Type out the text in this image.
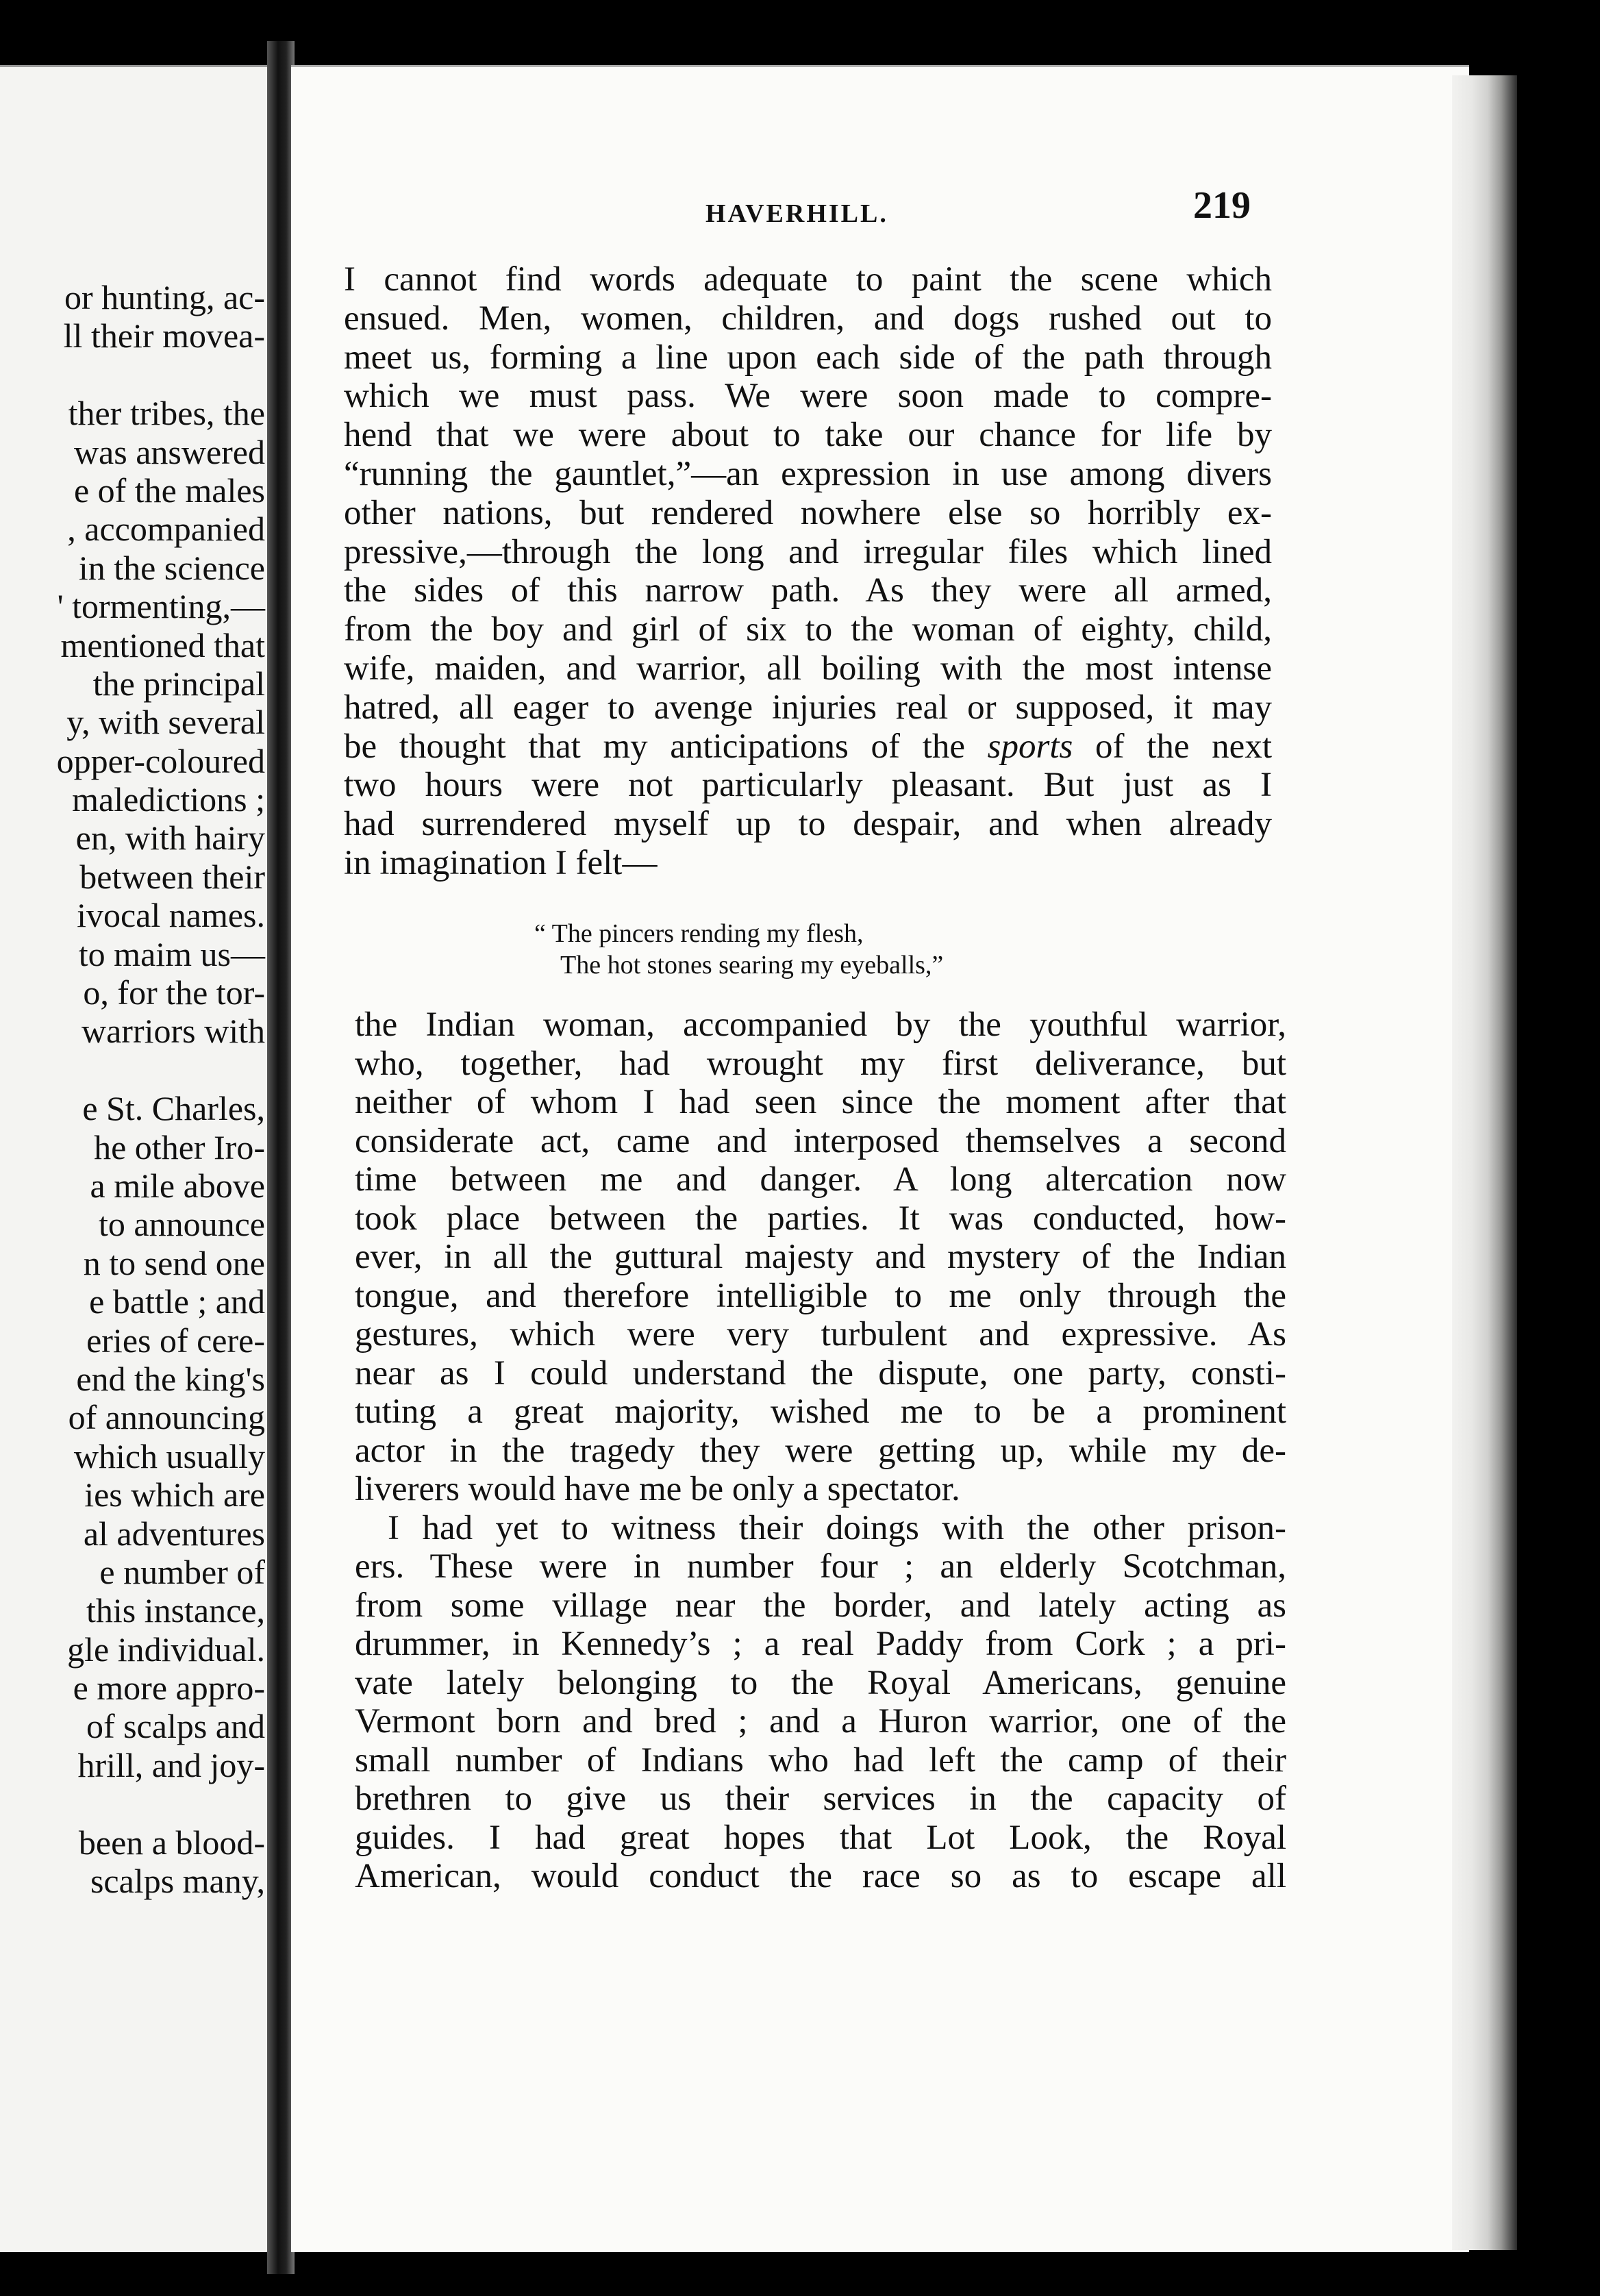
or hunting, ac-
ll their movea-
ther tribes, the
was answered
e of the males
, accompanied
in the science
' tormenting,—
mentioned that
the principal
y, with several
opper-coloured
maledictions ;
en, with hairy
between their
ivocal names.
to maim us—
o, for the tor-
warriors with
e St. Charles,
he other Iro-
a mile above
to announce
n to send one
e battle ; and
eries of cere-
end the king's
of announcing
which usually
ies which are
al adventures
e number of
this instance,
gle individual.
e more appro-
of scalps and
hrill, and joy-
been a blood-
scalps many,
HAVERHILL.	219
I cannot find words adequate to paint the scene which
ensued. Men, women, children, and dogs rushed out to
meet us, forming a line upon each side of the path through
which we must pass. We were soon made to compre-
hend that we were about to take our chance for life by
“running the gauntlet,”—an expression in use among divers
other nations, but rendered nowhere else so horribly ex-
pressive,—through the long and irregular files which lined
the sides of this narrow path. As they were all armed,
from the boy and girl of six to the woman of eighty, child,
wife, maiden, and warrior, all boiling with the most intense
hatred, all eager to avenge injuries real or supposed, it may
be thought that my anticipations of the sports of the next
two hours were not particularly pleasant. But just as I
had surrendered myself up to despair, and when already
in imagination I felt—
“ The pincers rending my flesh,
The hot stones searing my eyeballs,”
the Indian woman, accompanied by the youthful warrior,
who, together, had wrought my first deliverance, but
neither of whom I had seen since the moment after that
considerate act, came and interposed themselves a second
time between me and danger. A long altercation now
took place between the parties. It was conducted, how-
ever, in all the guttural majesty and mystery of the Indian
tongue, and therefore intelligible to me only through the
gestures, which were very turbulent and expressive. As
near as I could understand the dispute, one party, consti-
tuting a great majority, wished me to be a prominent
actor in the tragedy they were getting up, while my de-
liverers would have me be only a spectator.
I had yet to witness their doings with the other prison-
ers. These were in number four ; an elderly Scotchman,
from some village near the border, and lately acting as
drummer, in Kennedy’s ; a real Paddy from Cork ; a pri-
vate lately belonging to the Royal Americans, genuine
Vermont born and bred ; and a Huron warrior, one of the
small number of Indians who had left the camp of their
brethren to give us their services in the capacity of
guides. I had great hopes that Lot Look, the Royal
American, would conduct the race so as to escape all
